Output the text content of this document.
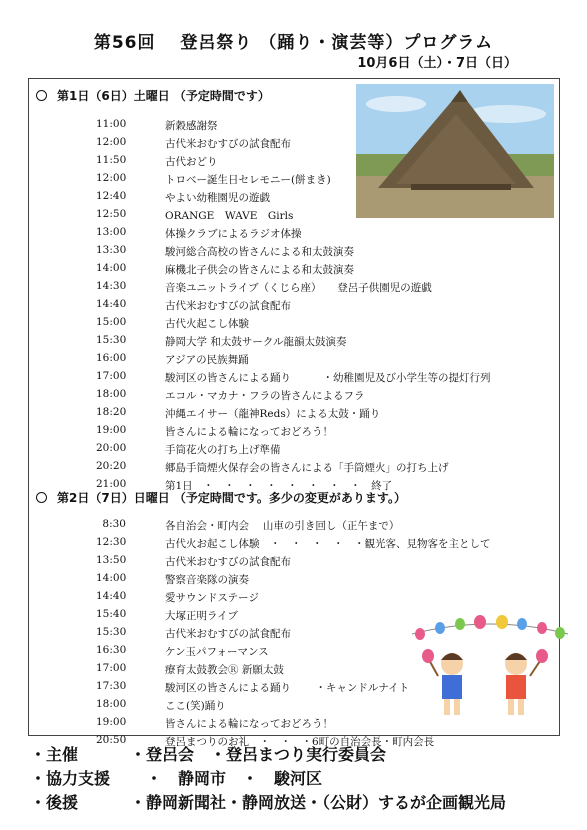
第56回　 登呂祭り （踊り・演芸等）プログラム
10月6日（土）・7日（日）
第1日（6日）土曜日 （予定時間です）
11:00	新穀感謝祭
12:00	古代米おむすびの試食配布
11:50	古代おどり
12:00	トロベー誕生日セレモニー(餅まき)
12:40	やよい幼稚園児の遊戯
12:50	ORANGE　WAVE　Girls
13:00	体操クラブによるラジオ体操
13:30	駿河総合高校の皆さんによる和太鼓演奏
14:00	麻機北子供会の皆さんによる和太鼓演奏
14:30	音楽ユニットライブ（くじら座）　　登呂子供園児の遊戯
14:40	古代米おむすびの試食配布
15:00	古代火起こし体験
15:30	静岡大学 和太鼓サークル龍韻太鼓演奏
16:00	アジアの民族舞踊
17:00	駿河区の皆さんによる踊り　　　・幼稚園児及び小学生等の提灯行列
18:00	エコル・マカナ・フラの皆さんによるフラ
18:20	沖縄エイサー（龍神Reds）による太鼓・踊り
19:00	皆さんによる輪になっておどろう！
20:00	手筒花火の打ち上げ準備
20:20	郷島手筒煙火保存会の皆さんによる「手筒煙火」の打ち上げ
21:00	第1日　・　・　・　・　・　・　・　・　終了
第2日（7日）日曜日 （予定時間です。多少の変更があります。）
8:30	各自治会・町内会　 山車の引き回し（正午まで）
12:30	古代火お起こし体験　・　・　・　・　・観光客、見物客を主として
13:50	古代米おむすびの試食配布
14:00	警察音楽隊の演奏
14:40	愛サウンドステージ
15:40	大塚正明ライブ
15:30	古代米おむすびの試食配布
16:30	ケン玉パフォーマンス
17:00	療育太鼓教会Ⓡ 新願太鼓
17:30	駿河区の皆さんによる踊り　　 ・キャンドルナイト
18:00	ここ(笑)踊り
19:00	皆さんによる輪になっておどろう！
20:50	登呂まつりのお礼　・　・　・6町の自治会長・町内会長
・主催	・登呂会　・登呂まつり実行委員会
・協力支援 　・　静岡市　・　駿河区
・後援	・静岡新聞社・静岡放送・（公財）するが企画観光局
